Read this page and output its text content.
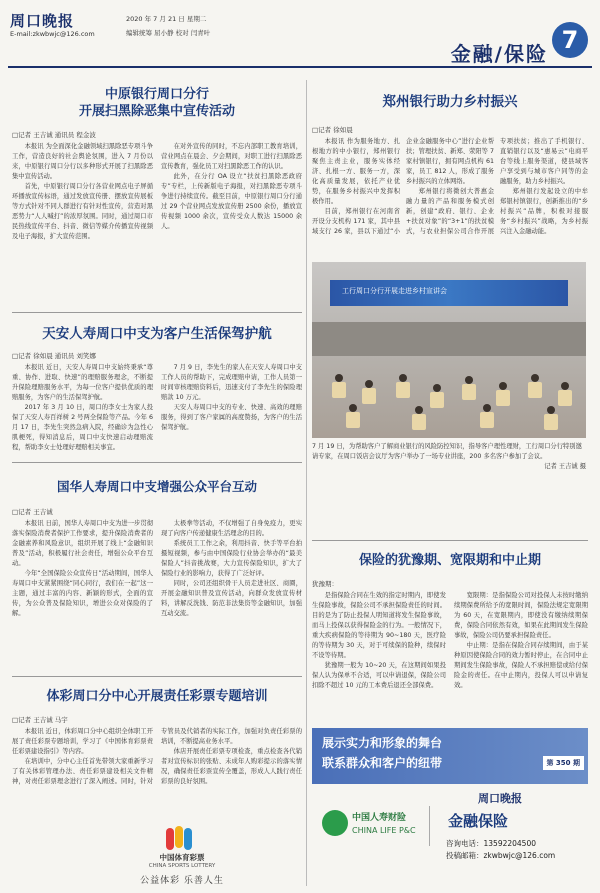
周口晚报
E-mail:zkwbwjc@126.com
2020 年 7 月 21 日 星期二
编辑统筹 屈小静 校对 闫青叶
金融/保险 7
中原银行周口分行
开展扫黑除恶集中宣传活动
□记者 王吉诚 通讯员 程金波

本报讯 为全面深化金融领域扫黑除恶专项斗争工作，营造良好的社会舆论氛围，进入 7 月份以来，中原银行周口分行以多种形式开展了扫黑除恶集中宣传活动。

首先，中原银行周口分行各营业网点电子屏循环播放宣传标语，通过发放宣传册、摆放宣传展板等方式针对不同人群进行有针对性宣传，营造对黑恶势力“人人喊打”的浓厚氛围。同时，通过周口市民热线宣传平台、抖音、微信等媒介传播宣传视频及电子海报，扩大宣传范围。

在对外宣传的同时，不忘内部职工教育培训，营业网点在晨会、夕会期间，对职工进行扫黑除恶宣传教育，强化员工对扫黑除恶工作的认识。

此外，在分行 OA 设立“扶贫扫黑除恶政府专”专栏，上传新版电子海报，对扫黑除恶专项斗争进行持续宣传。截至目前，中原银行周口分行通过 29 个营业网点发放宣传册 2500 余份，播放宣传视频 1000 余次，宣传受众人数达 15000 余人。

郑州银行助力乡村振兴
□记者 徐如晨

本报讯 作为服务地方、扎根地方的中小银行，郑州银行聚焦主责主业，服务实体经济、扎根一方、服务一方，深化高质量发展，依托产业优势，在服务乡村振兴中发挥积极作用。

目前，郑州银行在河南省开设分支机构 171 家，其中县域支行 26 家，县以下通过“小企业金融服务中心”进行企业帮扶；管理扶贫、新郑、荥阳等 7 家村镇银行，拥有网点机构 61 家，员工 812 人，形成了服务乡村振兴的立体网络。

郑州银行将微创大普惠金融力量的产品和服务模式创新，创建“政府、银行、企业+扶贫对象”的“3+1”的扶贫模式，与农业担保公司合作开展专项扶贫；推出了手机银行、直销银行以及“惠易云”电商平台等线上服务渠道，使县域客户享受到与城市客户同等的金融服务，助力乡村振兴。

郑州银行发起设立的中牟郑银村镇银行，创新推出的“乡村振兴”品牌，积极对接服务“乡村振兴”战略，为乡村振兴注入金融动能。

天安人寿周口中支为客户生活保驾护航
□记者 徐如晨 通讯员 刘笑娜

本报讯 近日，天安人寿周口中支始终秉承“尊重、协作、进取、快速”的理赔服务理念，不断提升保险理赔服务水平，为每一位客户提供优质的理赔服务，为客户的生活保驾护航。

2017 年 3 月 10 日，周口的李女士为家人投保了天安人寿百祥树 2 号两全保险等产品。今年 6 月 17 日，李先生突然急病入院，经确诊为急性心肌梗死，得知消息后，周口中支快速启动理赔流程，帮助李女士处理好理赔相关事宜。

7 月 9 日，李先生的家人在天安人寿周口中支工作人员的帮助下，完成理赔申请，工作人员第一时间审核理赔资料后，迅速支付了李先生的保险理赔款 10 万元。

天安人寿周口中支的专业、快速、高效的理赔服务，得到了客户家属的高度赞扬，为客户的生活保驾护航。

国华人寿周口中支增强公众平台互动
□记者 王吉诚

本报讯 日前，国华人寿周口中支为进一步贯彻落实保险消费者保护工作要求，提升保险消费者的金融素养和风险意识，组织开展了线上“金融知识普及”活动，积极履行社会责任，增强公众平台互动。

今年“全国保险公众宣传日”活动期间，国华人寿周口中支紧紧围绕“同心同行，我们在一起”这一主题，通过丰富的内容、新颖的形式，全面的宣传，为公众普及保险知识，增进公众对保险的了解。

太极拳等活动，不仅增强了自身免疫力，更实现了向客户传递健康生活理念的目的。

系统员工工作之余，利用抖音、快手等平台拍摄短视频，参与由中国保险行业协会举办的“最美保险人”抖音挑战赛，大力宣传保险知识，扩大了保险行业的影响力，获得了广泛好评。

同时，公司还组织骨干人员走进社区、商圈，开展金融知识普及宣传活动，向群众发放宣传材料，讲解反洗钱、防范非法集资等金融知识，加强互动交流。

体彩周口分中心开展责任彩票专题培训
□记者 王吉诚 马宇

本报讯 近日，体彩周口分中心组织全体职工开展了责任彩票专题培训，学习了《中国体育彩票责任彩票建设指引》等内容。

在培训中，分中心主任首先带领大家重新学习了有关体彩管理办法、责任彩票建设相关文件精神，对责任彩票理念进行了深入阐述。同时，针对专管员及代销者的实际工作，加强对负责任彩票的培训，不断提高业务水平。

体店开展责任彩票专项检查，重点检查各代销者对宣传标识的张贴、未成年人购彩提示的落实情况，确保责任彩票宣传全覆盖，形成人人践行责任彩票的良好氛围。

中国体育彩票
CHINA SPORTS LOTTERY
公益体彩 乐善人生
工行周口分行开展走进乡村宣讲会
7 月 19 日，为帮助客户了解商业银行的风险防控知识，指导客户理性理财，工行周口分行特别邀请专家，在周口饭店会议厅为客户举办了一场专业讲座，200 多名客户参加了会议。
记者 王吉诚 摄
保险的犹豫期、宽限期和中止期
犹豫期：

是指保险合同在生效的指定时期内，即使发生保险事故，保险公司不承担保险责任的时间。目的是为了防止投保人明知道将发生保险事故，而马上投保以获得保险金的行为。一般情况下，重大疾病保险的等待期为 90~180 天，医疗险的等待期为 30 天，对于可续保的险种，续保时不设等待期。

犹豫期一般为 10~20 天，在这期间如果投保人认为保单不合适，可以申请退保，保险公司扣除不超过 10 元的工本费后退还全部保费。

宽限期：是指保险公司对投保人未按时缴纳续期保费所给予的宽限时间，保险法规定宽限期为 60 天，在宽限期内，即使没有缴纳续期保费，保险合同依然有效，如果在此期间发生保险事故，保险公司仍要承担保险责任。

中止期：是指在保险合同存续期间，由于某种原因使保险合同的效力暂时停止，在合同中止期间发生保险事故，保险人不承担赔偿或给付保险金的责任。在中止期内，投保人可以申请复效。

展示实力和形象的舞台
联系群众和客户的纽带	第 350 期
周口晚报
中国人寿财险
CHINA LIFE P&C
金融保险
咨询电话：13592204500
投稿邮箱：zkwbwjc@126.com
